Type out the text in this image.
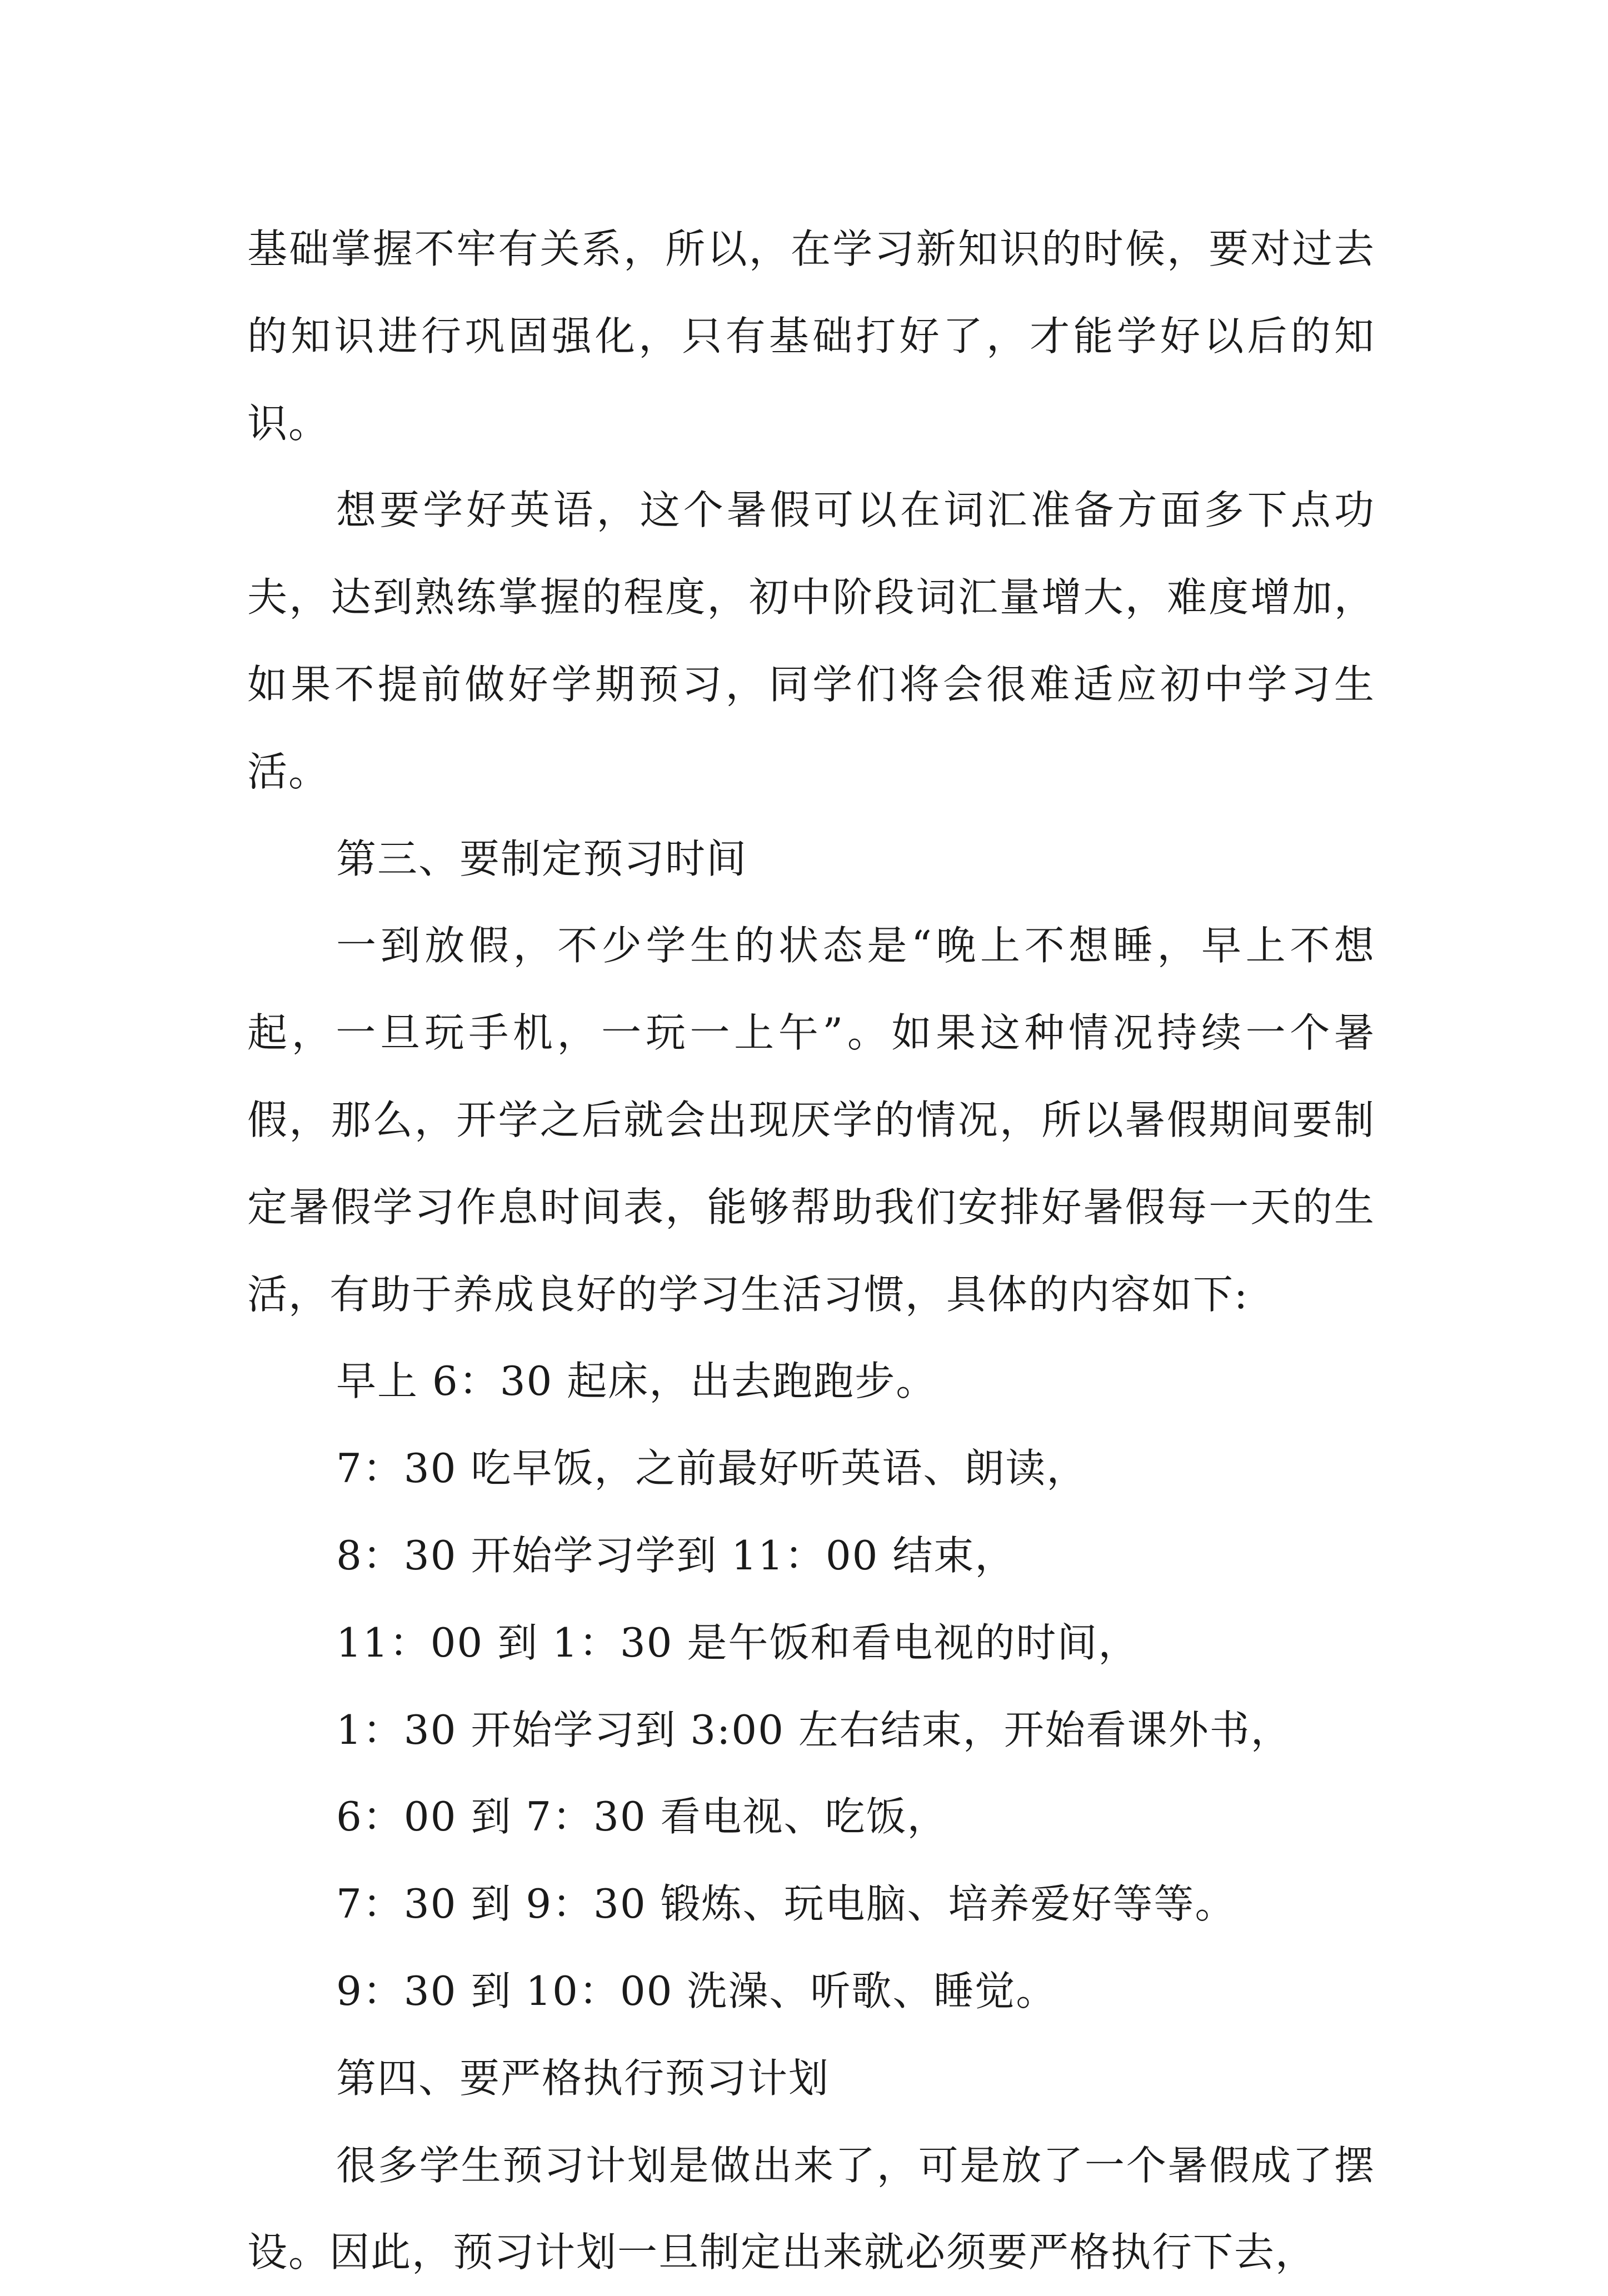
基础掌握不牢有关系，所以，在学习新知识的时候，要对过去的知识进行巩固强化，只有基础打好了，才能学好以后的知识。

想要学好英语，这个暑假可以在词汇准备方面多下点功夫，达到熟练掌握的程度，初中阶段词汇量增大，难度增加，如果不提前做好学期预习，同学们将会很难适应初中学习生活。

第三、要制定预习时间

一到放假，不少学生的状态是“晚上不想睡，早上不想起，一旦玩手机，一玩一上午”。如果这种情况持续一个暑假，那么，开学之后就会出现厌学的情况，所以暑假期间要制定暑假学习作息时间表，能够帮助我们安排好暑假每一天的生活，有助于养成良好的学习生活习惯，具体的内容如下:

早上 6：30 起床，出去跑跑步。

7：30 吃早饭，之前最好听英语、朗读，

8：30 开始学习学到 11：00 结束，

11：00 到 1：30 是午饭和看电视的时间，

1：30 开始学习到 3:00 左右结束，开始看课外书，

6：00 到 7：30 看电视、吃饭，

7：30 到 9：30 锻炼、玩电脑、培养爱好等等。

9：30 到 10：00 洗澡、听歌、睡觉。

第四、要严格执行预习计划

很多学生预习计划是做出来了，可是放了一个暑假成了摆设。因此，预习计划一旦制定出来就必须要严格执行下去，
